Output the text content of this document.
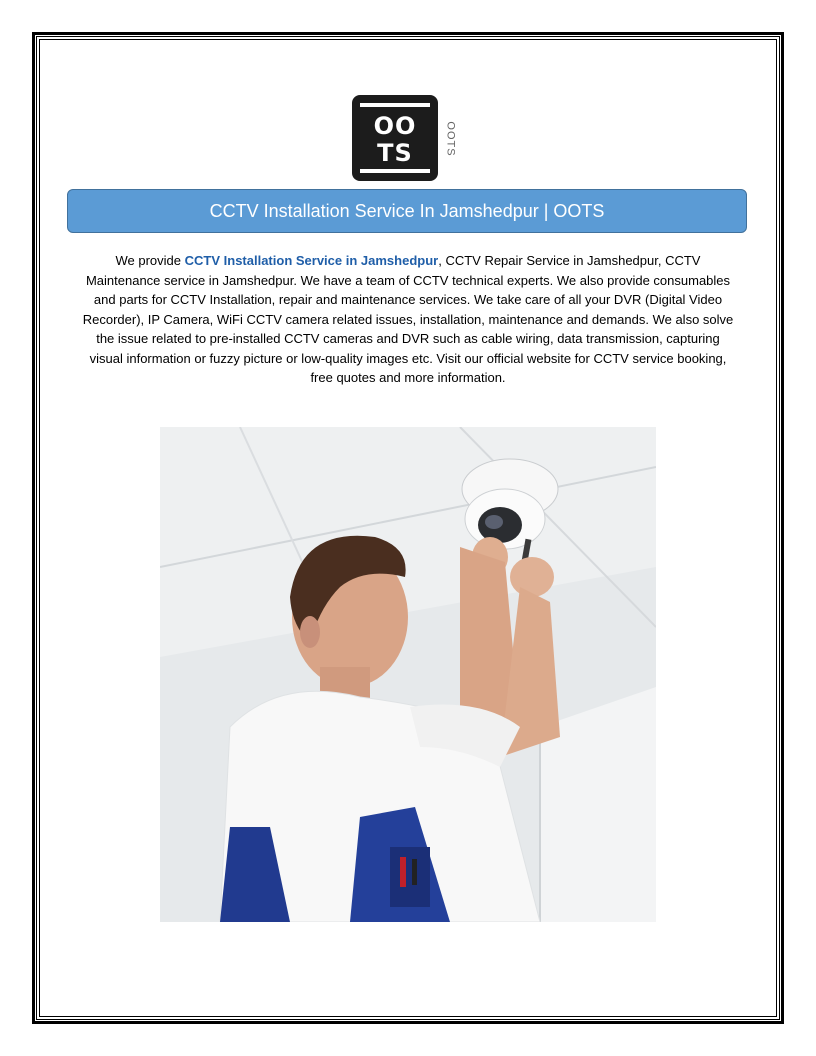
OO
TS	OOTS
CCTV Installation Service In Jamshedpur | OOTS
We provide CCTV Installation Service in Jamshedpur, CCTV Repair Service in Jamshedpur, CCTV Maintenance service in Jamshedpur. We have a team of CCTV technical experts. We also provide consumables and parts for CCTV Installation, repair and maintenance services. We take care of all your DVR (Digital Video Recorder), IP Camera, WiFi CCTV camera related issues, installation, maintenance and demands. We also solve the issue related to pre-installed CCTV cameras and DVR such as cable wiring, data transmission, capturing visual information or fuzzy picture or low-quality images etc. Visit our official website for CCTV service booking, free quotes and more information.
